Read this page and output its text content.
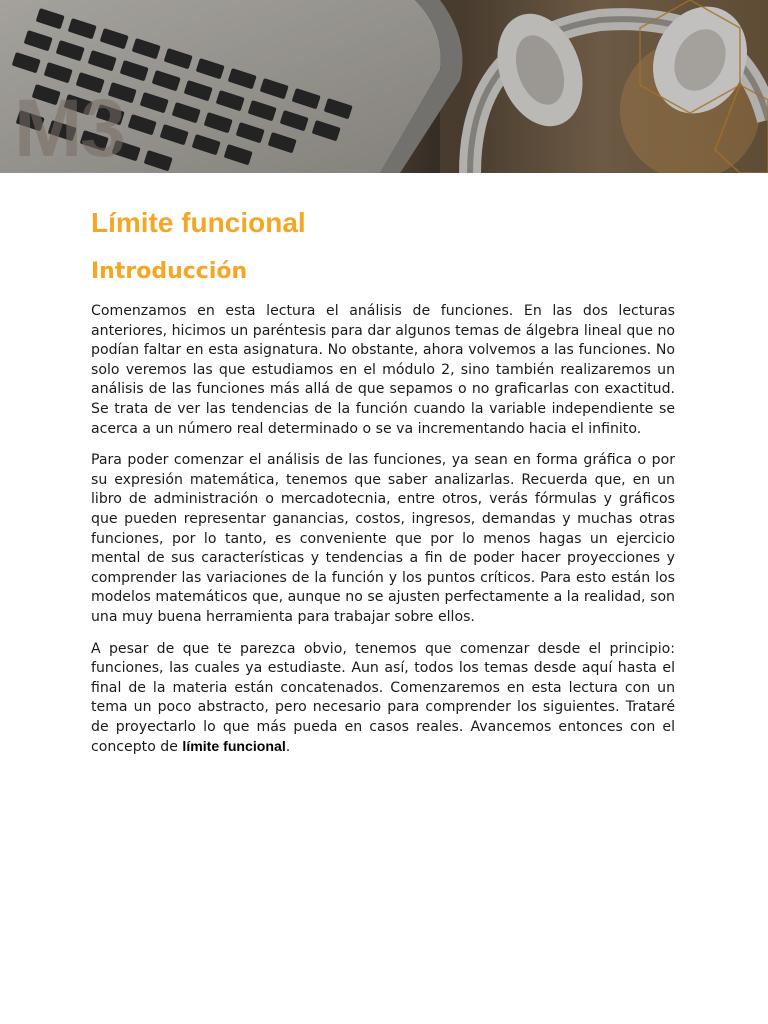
M3
Límite funcional
Introducción

Comenzamos en esta lectura el análisis de funciones. En las dos lecturas anteriores, hicimos un paréntesis para dar algunos temas de álgebra lineal que no podían faltar en esta asignatura. No obstante, ahora volvemos a las funciones. No solo veremos las que estudiamos en el módulo 2, sino también realizaremos un análisis de las funciones más allá de que sepamos o no graficarlas con exactitud. Se trata de ver las tendencias de la función cuando la variable independiente se acerca a un número real determinado o se va incrementando hacia el infinito.

Para poder comenzar el análisis de las funciones, ya sean en forma gráfica o por su expresión matemática, tenemos que saber analizarlas. Recuerda que, en un libro de administración o mercadotecnia, entre otros, verás fórmulas y gráficos que pueden representar ganancias, costos, ingresos, demandas y muchas otras funciones, por lo tanto, es conveniente que por lo menos hagas un ejercicio mental de sus características y tendencias a fin de poder hacer proyecciones y comprender las variaciones de la función y los puntos críticos. Para esto están los modelos matemáticos que, aunque no se ajusten perfectamente a la realidad, son una muy buena herramienta para trabajar sobre ellos.

A pesar de que te parezca obvio, tenemos que comenzar desde el principio: funciones, las cuales ya estudiaste. Aun así, todos los temas desde aquí hasta el final de la materia están concatenados. Comenzaremos en esta lectura con un tema un poco abstracto, pero necesario para comprender los siguientes. Trataré de proyectarlo lo que más pueda en casos reales. Avancemos entonces con el concepto de límite funcional.
